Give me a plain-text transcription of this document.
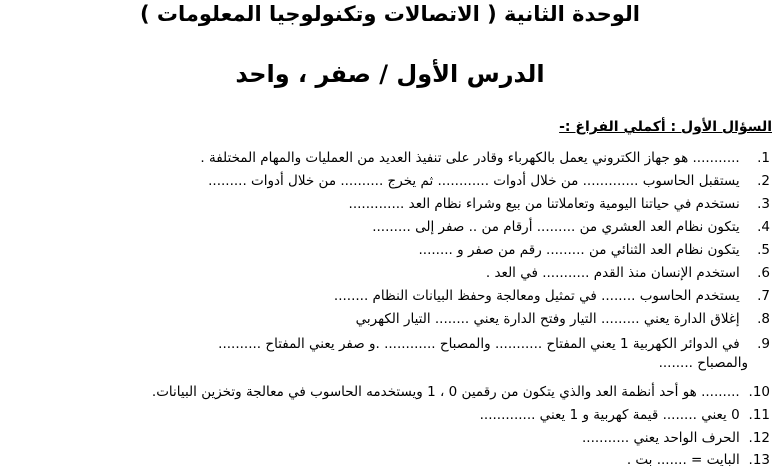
الوحدة الثانية ( الاتصالات وتكنولوجيا المعلومات )
الدرس الأول / صفر ، واحد
السؤال الأول : أكملي الفراغ :-
1. ........... هو جهاز الكتروني يعمل بالكهرباء وقادر على تنفيذ العديد من العمليات والمهام المختلفة .
2. يستقبل الحاسوب ............. من خلال أدوات ............ ثم يخرج .......... من خلال أدوات .........
3. نستخدم في حياتنا اليومية وتعاملاتنا من بيع وشراء نظام العد .............
4. يتكون نظام العد العشري من ......... أرقام من .. صفر إلى .........
5. يتكون نظام العد الثنائي من ......... رقم من صفر و ........
6. استخدم الإنسان منذ القدم ........... في العد .
7. يستخدم الحاسوب ........ في تمثيل ومعالجة وحفظ البيانات النظام ........
8. إغلاق الدارة يعني ......... التيار وفتح الدارة يعني ........ التيار الكهربي
9. في الدوائر الكهربية 1 يعني المفتاح ........... والمصباح ............ .و صفر يعني المفتاح ..........
والمصباح ........
10. ......... هو أحد أنظمة العد والذي يتكون من رقمين 0 ، 1 ويستخدمه الحاسوب في معالجة وتخزين البيانات.
11. 0 يعني ........ قيمة كهربية و 1 يعني .............
12. الحرف الواحد يعني ...........
13. البايت = ....... بت .
